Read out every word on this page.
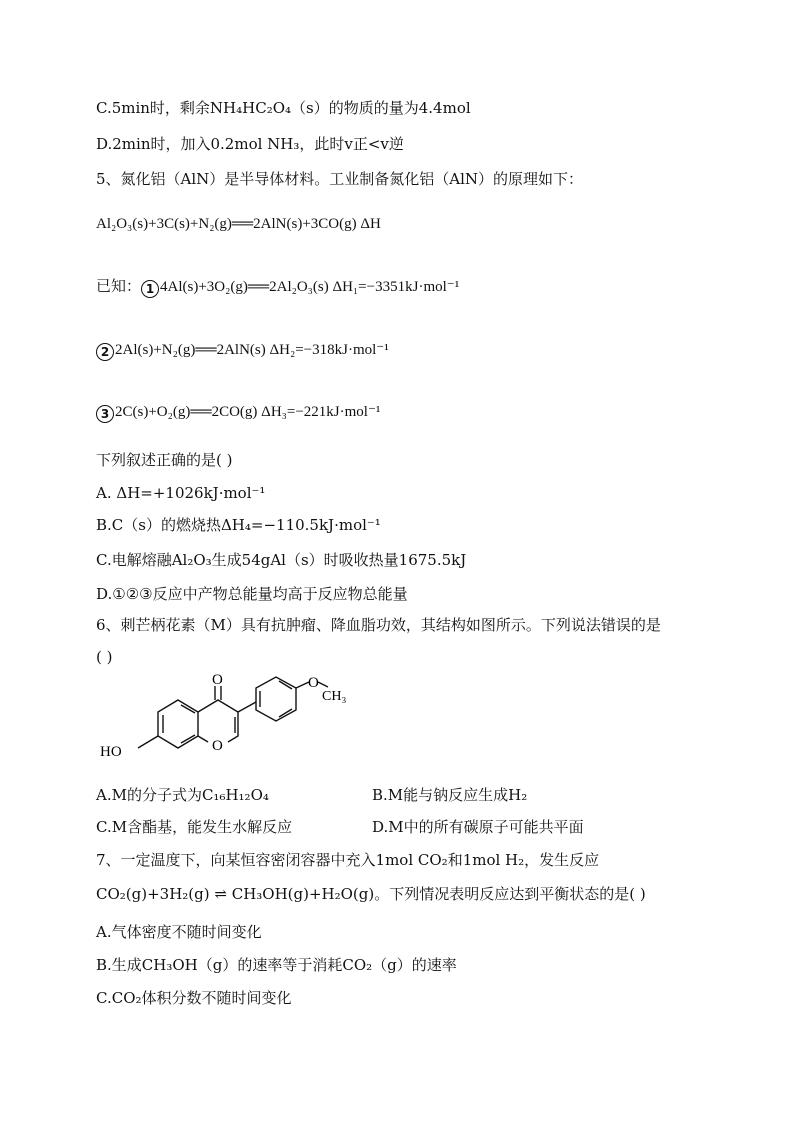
C.5min时，剩余NH₄HC₂O₄（s）的物质的量为4.4mol
D.2min时，加入0.2mol NH₃，此时v正<v逆
5、氮化铝（AlN）是半导体材料。工业制备氮化铝（AlN）的原理如下：
Al₂O₃(s)+3C(s)+N₂(g)══2AlN(s)+3CO(g) ΔH
已知： 1 4Al(s)+3O₂(g)══2Al₂O₃(s) ΔH₁=−3351kJ·mol⁻¹
2 2Al(s)+N₂(g)══2AlN(s) ΔH₂=−318kJ·mol⁻¹
3 2C(s)+O₂(g)══2CO(g) ΔH₃=−221kJ·mol⁻¹
下列叙述正确的是( )
A. ΔH=+1026kJ·mol⁻¹
B.C（s）的燃烧热ΔH₄=−110.5kJ·mol⁻¹
C.电解熔融Al₂O₃生成54gAl（s）时吸收热量1675.5kJ
D.①②③反应中产物总能量均高于反应物总能量
6、刺芒柄花素（M）具有抗肿瘤、降血脂功效，其结构如图所示。下列说法错误的是
( )
O
O
O
CH₃
HO
A.M的分子式为C₁₆H₁₂O₄	B.M能与钠反应生成H₂
C.M含酯基，能发生水解反应	D.M中的所有碳原子可能共平面
7、一定温度下，向某恒容密闭容器中充入1mol CO₂和1mol H₂，发生反应
CO₂(g)+3H₂(g) ⇌ CH₃OH(g)+H₂O(g)。下列情况表明反应达到平衡状态的是( )
A.气体密度不随时间变化
B.生成CH₃OH（g）的速率等于消耗CO₂（g）的速率
C.CO₂体积分数不随时间变化
